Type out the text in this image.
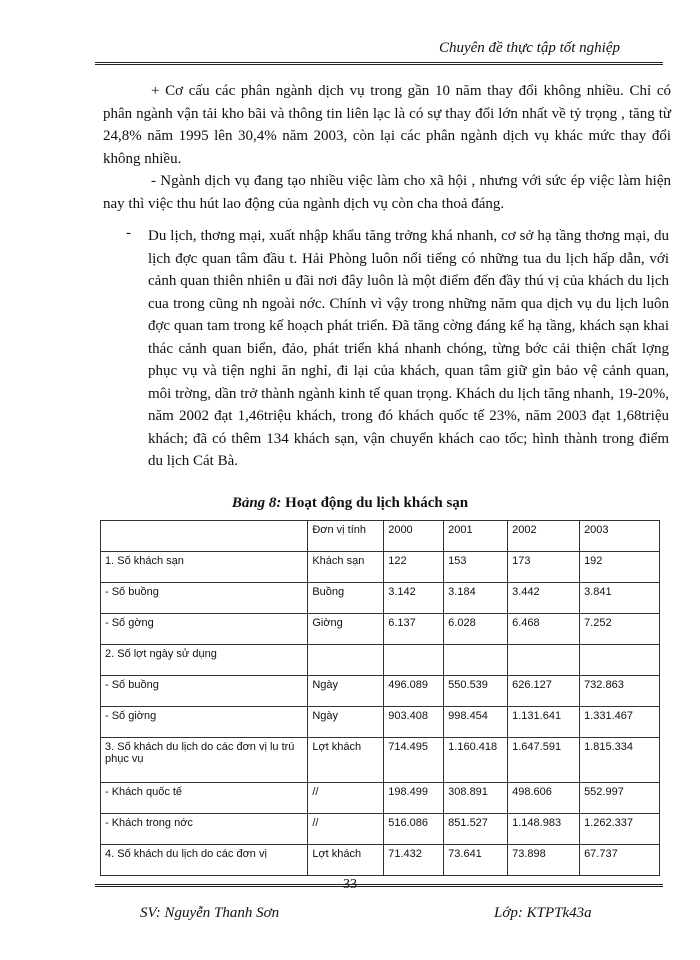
Chuyên đề thực tập tốt nghiệp

+ Cơ cấu các phân ngành dịch vụ trong gần 10 năm thay đổi không nhiều. Chỉ có phân ngành vận tải kho bãi và thông tin liên lạc là có sự thay đổi lớn nhất về tỷ trọng , tăng từ 24,8% năm 1995 lên 30,4% năm 2003, còn lại các phân ngành dịch vụ khác mức thay đổi không nhiều.

- Ngành dịch vụ đang tạo nhiều việc làm cho xã hội , nhưng với sức ép việc làm hiện nay thì việc thu hút lao động của ngành dịch vụ còn cha thoả đáng.

- Du lịch, thơng mại, xuất nhập khẩu tăng trởng khá nhanh, cơ sở hạ tầng thơng mại, du lịch đợc quan tâm đầu t. Hải Phòng luôn nổi tiếng có những tua du lịch hấp dẫn, với cảnh quan thiên nhiên u đãi nơi đây luôn là một điểm đến đầy thú vị của khách du lịch cua trong cũng nh ngoài nớc. Chính vì vậy trong những năm qua dịch vụ du lịch luôn đợc quan tam trong kế hoạch phát triển. Đã tăng cờng đáng kể hạ tầng, khách sạn khai thác cảnh quan biển, đảo, phát triển khá nhanh chóng, từng bớc cải thiện chất lợng phục vụ và tiện nghi ăn nghỉ, đi lại của khách, quan tâm giữ gìn bảo vệ cảnh quan, môi trờng, dần trở thành ngành kinh tế quan trọng. Khách du lịch tăng nhanh, 19-20%, năm 2002 đạt 1,46triệu khách, trong đó khách quốc tế 23%, năm 2003 đạt 1,68triệu khách; đã có thêm 134 khách sạn, vận chuyển khách cao tốc; hình thành trong điểm du lịch Cát Bà.

Bảng 8: Hoạt động du lịch khách sạn
	Đơn vị tính	2000	2001	2002	2003
1. Số khách sạn	Khách sạn	122	153	173	192
- Số buồng	Buồng	3.142	3.184	3.442	3.841
- Số gờng	Giờng	6.137	6.028	6.468	7.252
2. Số lợt ngày sử dụng					
- Số buồng	Ngày	496.089	550.539	626.127	732.863
- Số giờng	Ngày	903.408	998.454	1.131.641	1.331.467
3. Số khách du lịch do các đơn vị lu trú phục vụ	Lợt khách	714.495	1.160.418	1.647.591	1.815.334
- Khách quốc tế	//	198.499	308.891	498.606	552.997
- Khách trong nớc	//	516.086	851.527	1.148.983	1.262.337
4. Số khách du lịch do các đơn vị	Lợt khách	71.432	73.641	73.898	67.737
33
SV: Nguyễn Thanh Sơn	Lớp: KTPTk43a
